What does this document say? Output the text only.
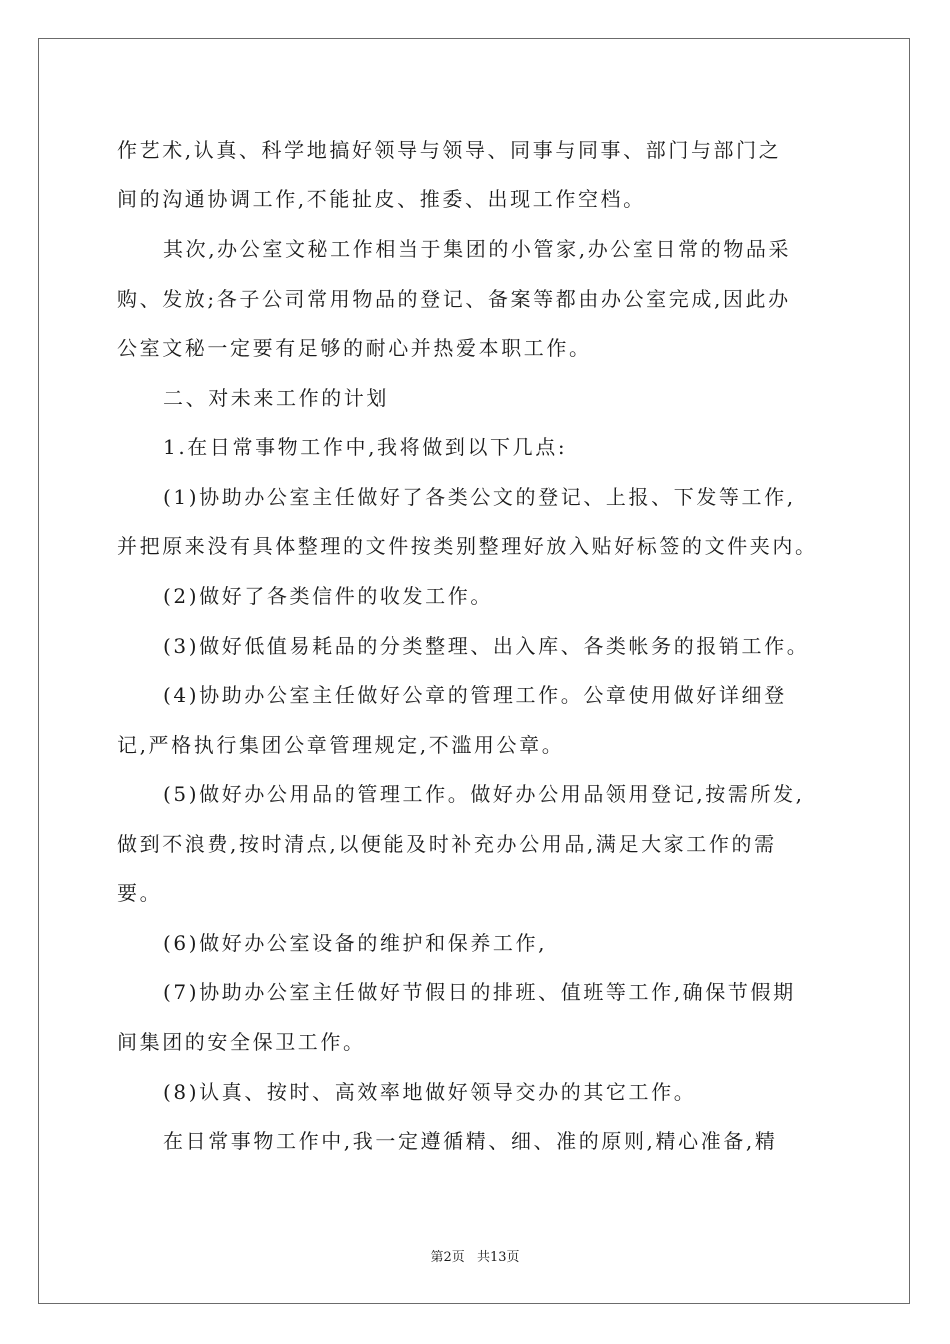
作艺术,认真、科学地搞好领导与领导、同事与同事、部门与部门之

间的沟通协调工作,不能扯皮、推委、出现工作空档。

其次,办公室文秘工作相当于集团的小管家,办公室日常的物品采

购、发放;各子公司常用物品的登记、备案等都由办公室完成,因此办

公室文秘一定要有足够的耐心并热爱本职工作。

二、对未来工作的计划

1.在日常事物工作中,我将做到以下几点:

(1)协助办公室主任做好了各类公文的登记、上报、下发等工作,

并把原来没有具体整理的文件按类别整理好放入贴好标签的文件夹内。

(2)做好了各类信件的收发工作。

(3)做好低值易耗品的分类整理、出入库、各类帐务的报销工作。

(4)协助办公室主任做好公章的管理工作。公章使用做好详细登

记,严格执行集团公章管理规定,不滥用公章。

(5)做好办公用品的管理工作。做好办公用品领用登记,按需所发,

做到不浪费,按时清点,以便能及时补充办公用品,满足大家工作的需

要。

(6)做好办公室设备的维护和保养工作,

(7)协助办公室主任做好节假日的排班、值班等工作,确保节假期

间集团的安全保卫工作。

(8)认真、按时、高效率地做好领导交办的其它工作。

在日常事物工作中,我一定遵循精、细、准的原则,精心准备,精

第2页 共13页
